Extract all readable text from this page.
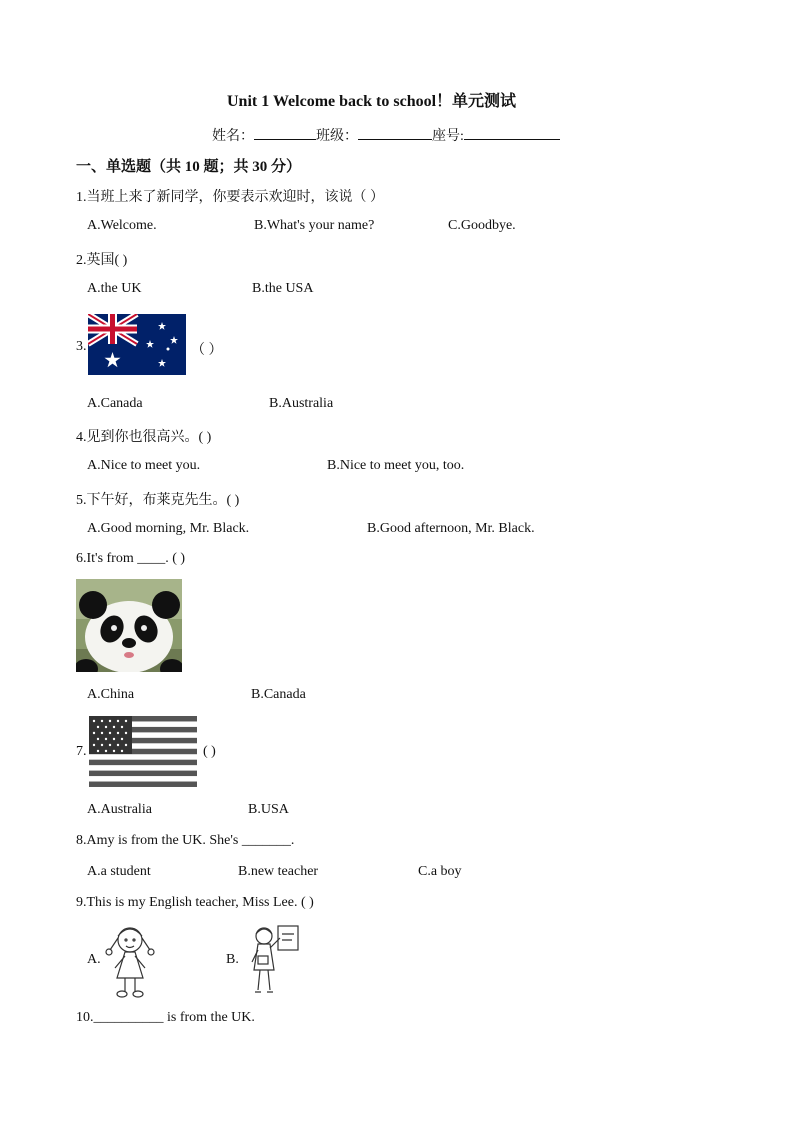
Unit 1 Welcome back to school！单元测试
姓名：	班级：	座号:
一、单选题（共 10 题；共 30 分）
1.当班上来了新同学，你要表示欢迎时，该说（ ）
A.Welcome.	B.What's your name?	C.Goodbye.
2.英国( )
A.the UK	B.the USA
3.	（ ）
A.Canada	B.Australia
4.见到你也很高兴。( )
A.Nice to meet you.	B.Nice to meet you, too.
5.下午好，布莱克先生。( )
A.Good morning, Mr. Black.	B.Good afternoon, Mr. Black.
6.It's from ____. ( )
A.China	B.Canada
7.	( )
A.Australia	B.USA
8.Amy is from the UK. She's _______.
A.a student	B.new teacher	C.a boy
9.This is my English teacher, Miss Lee. ( )
A.	B.
10.__________ is from the UK.
